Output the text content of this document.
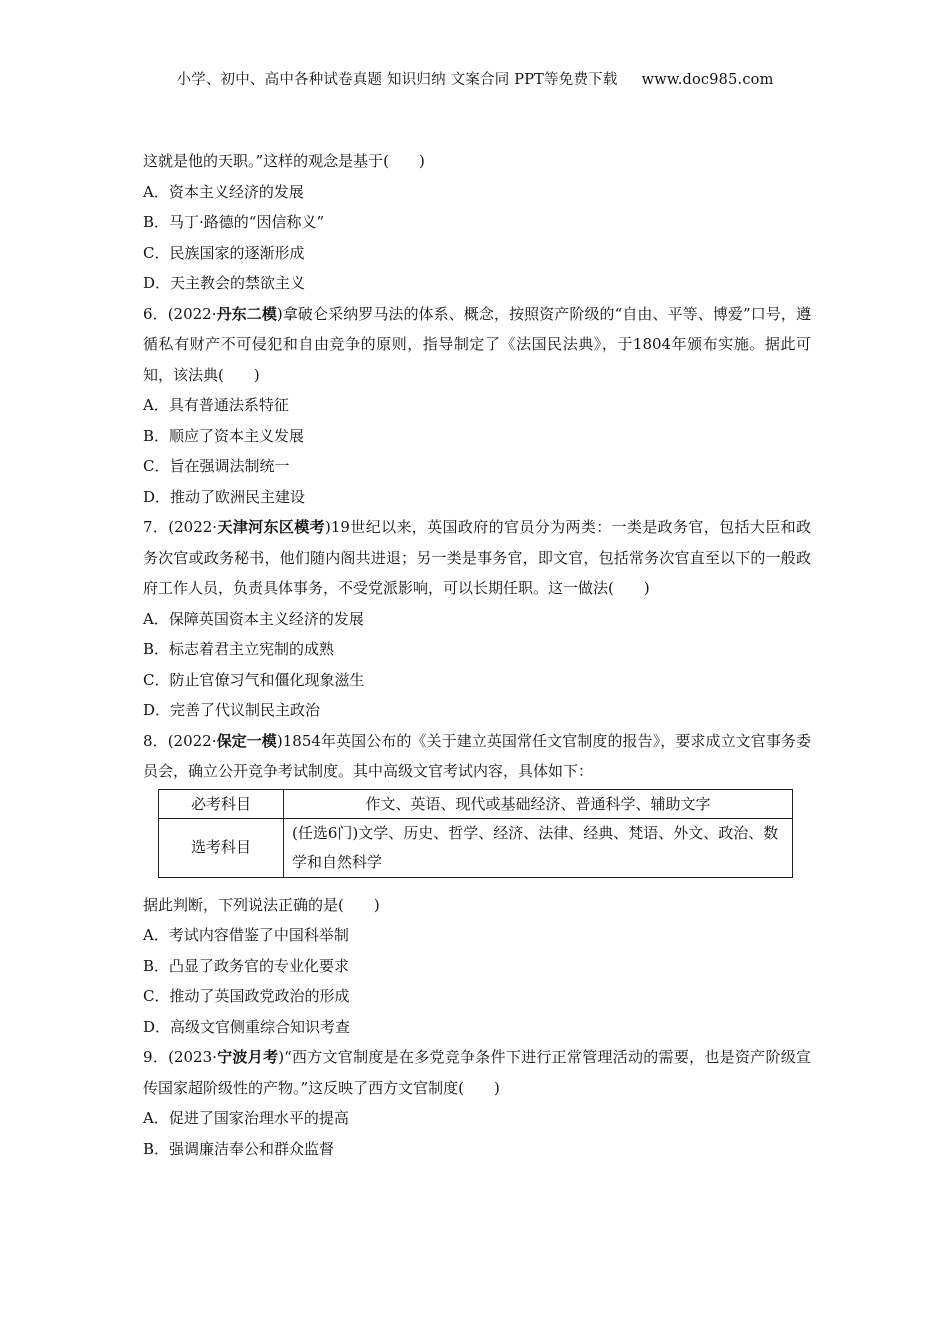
小学、初中、高中各种试卷真题 知识归纳 文案合同 PPT等免费下载 www.doc985.com
这就是他的天职。”这样的观念是基于(　　)
A．资本主义经济的发展
B．马丁·路德的“因信称义”
C．民族国家的逐渐形成
D．天主教会的禁欲主义
6．(2022·丹东二模)拿破仑采纳罗马法的体系、概念，按照资产阶级的“自由、平等、博爱”口号，遵循私有财产不可侵犯和自由竞争的原则，指导制定了《法国民法典》，于1804年颁布实施。据此可知，该法典(　　)
A．具有普通法系特征
B．顺应了资本主义发展
C．旨在强调法制统一
D．推动了欧洲民主建设
7．(2022·天津河东区模考)19世纪以来，英国政府的官员分为两类：一类是政务官，包括大臣和政务次官或政务秘书，他们随内阁共进退；另一类是事务官，即文官，包括常务次官直至以下的一般政府工作人员，负责具体事务，不受党派影响，可以长期任职。这一做法(　　)
A．保障英国资本主义经济的发展
B．标志着君主立宪制的成熟
C．防止官僚习气和僵化现象滋生
D．完善了代议制民主政治
8．(2022·保定一模)1854年英国公布的《关于建立英国常任文官制度的报告》，要求成立文官事务委员会，确立公开竞争考试制度。其中高级文官考试内容，具体如下：
必考科目	作文、英语、现代或基础经济、普通科学、辅助文字
选考科目	(任选6门)文学、历史、哲学、经济、法律、经典、梵语、外文、政治、数学和自然科学
据此判断，下列说法正确的是(　　)
A．考试内容借鉴了中国科举制
B．凸显了政务官的专业化要求
C．推动了英国政党政治的形成
D．高级文官侧重综合知识考查
9．(2023·宁波月考)“西方文官制度是在多党竞争条件下进行正常管理活动的需要，也是资产阶级宣传国家超阶级性的产物。”这反映了西方文官制度(　　)
A．促进了国家治理水平的提高
B．强调廉洁奉公和群众监督
